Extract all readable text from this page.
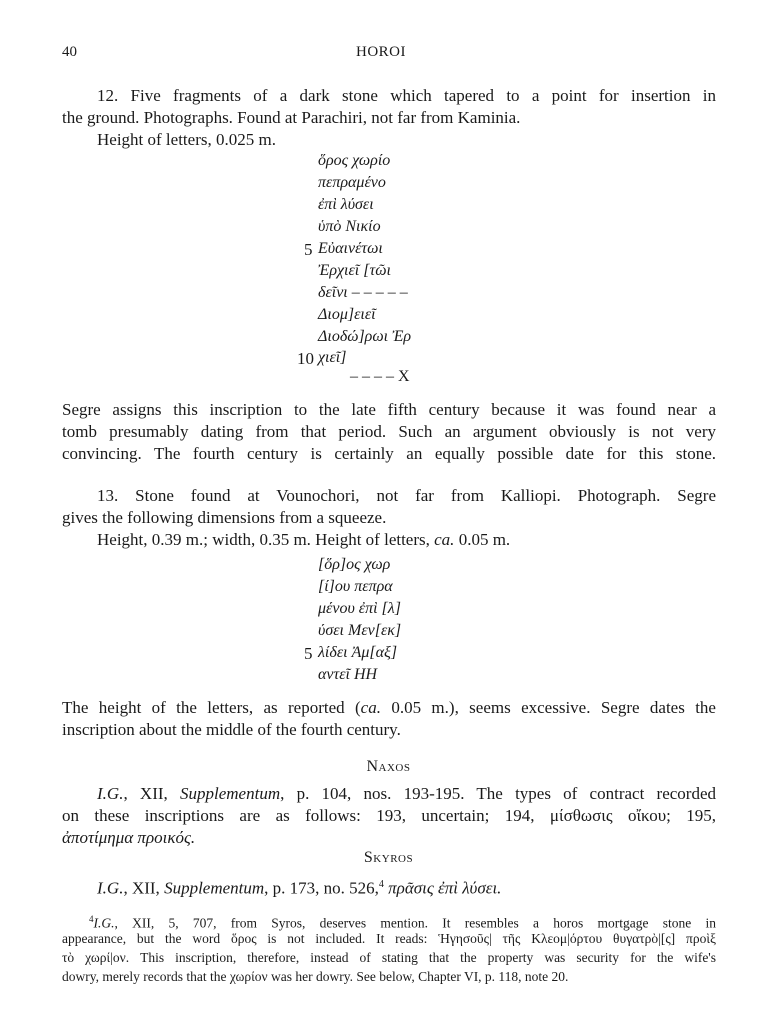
40	HOROI
12. Five fragments of a dark stone which tapered to a point for insertion in
the ground. Photographs. Found at Parachiri, not far from Kaminia.
Height of letters, 0.025 m.
ὅρος χωρίο
πεπραμένο
ἐπὶ λύσει
ὑπὸ Νικίο
5 Εὐαινέτωι
Ἐρχιεῖ [τῶι
δεῖνι – – – – –
Διομ]ειεῖ
Διοδώ]ρωι Ἐρ
10 χιεῖ]
– – – – X
Segre assigns this inscription to the late fifth century because it was found near a
tomb presumably dating from that period. Such an argument obviously is not very
convincing. The fourth century is certainly an equally possible date for this stone.
13. Stone found at Vounochori, not far from Kalliopi. Photograph. Segre
gives the following dimensions from a squeeze.
Height, 0.39 m.; width, 0.35 m. Height of letters, ca. 0.05 m.
[ὅρ]ος χωρ
[ί]ου πεπρα
μένου ἐπὶ [λ]
ύσει Μεν[εκ]
5 λίδει Ἀμ[αξ]
αντεῖ ΗΗ
The height of the letters, as reported (ca. 0.05 m.), seems excessive. Segre dates the
inscription about the middle of the fourth century.
Naxos
I.G., XII, Supplementum, p. 104, nos. 193-195. The types of contract recorded
on these inscriptions are as follows: 193, uncertain; 194, μίσθωσις οἴκου; 195,
ἀποτίμημα προικός.
Skyros
I.G., XII, Supplementum, p. 173, no. 526,$^4$ πρᾶσις ἐπὶ λύσει.
$^4$I.G., XII, 5, 707, from Syros, deserves mention. It resembles a horos mortgage stone in
appearance, but the word ὅρος is not included. It reads: Ἡγησοῦς| τῆς Κλεομ|όρτου θυγατρὸ|[ς] προὶξ
τὸ χωρί|ον. This inscription, therefore, instead of stating that the property was security for the wife's
dowry, merely records that the χωρίον was her dowry. See below, Chapter VI, p. 118, note 20.
